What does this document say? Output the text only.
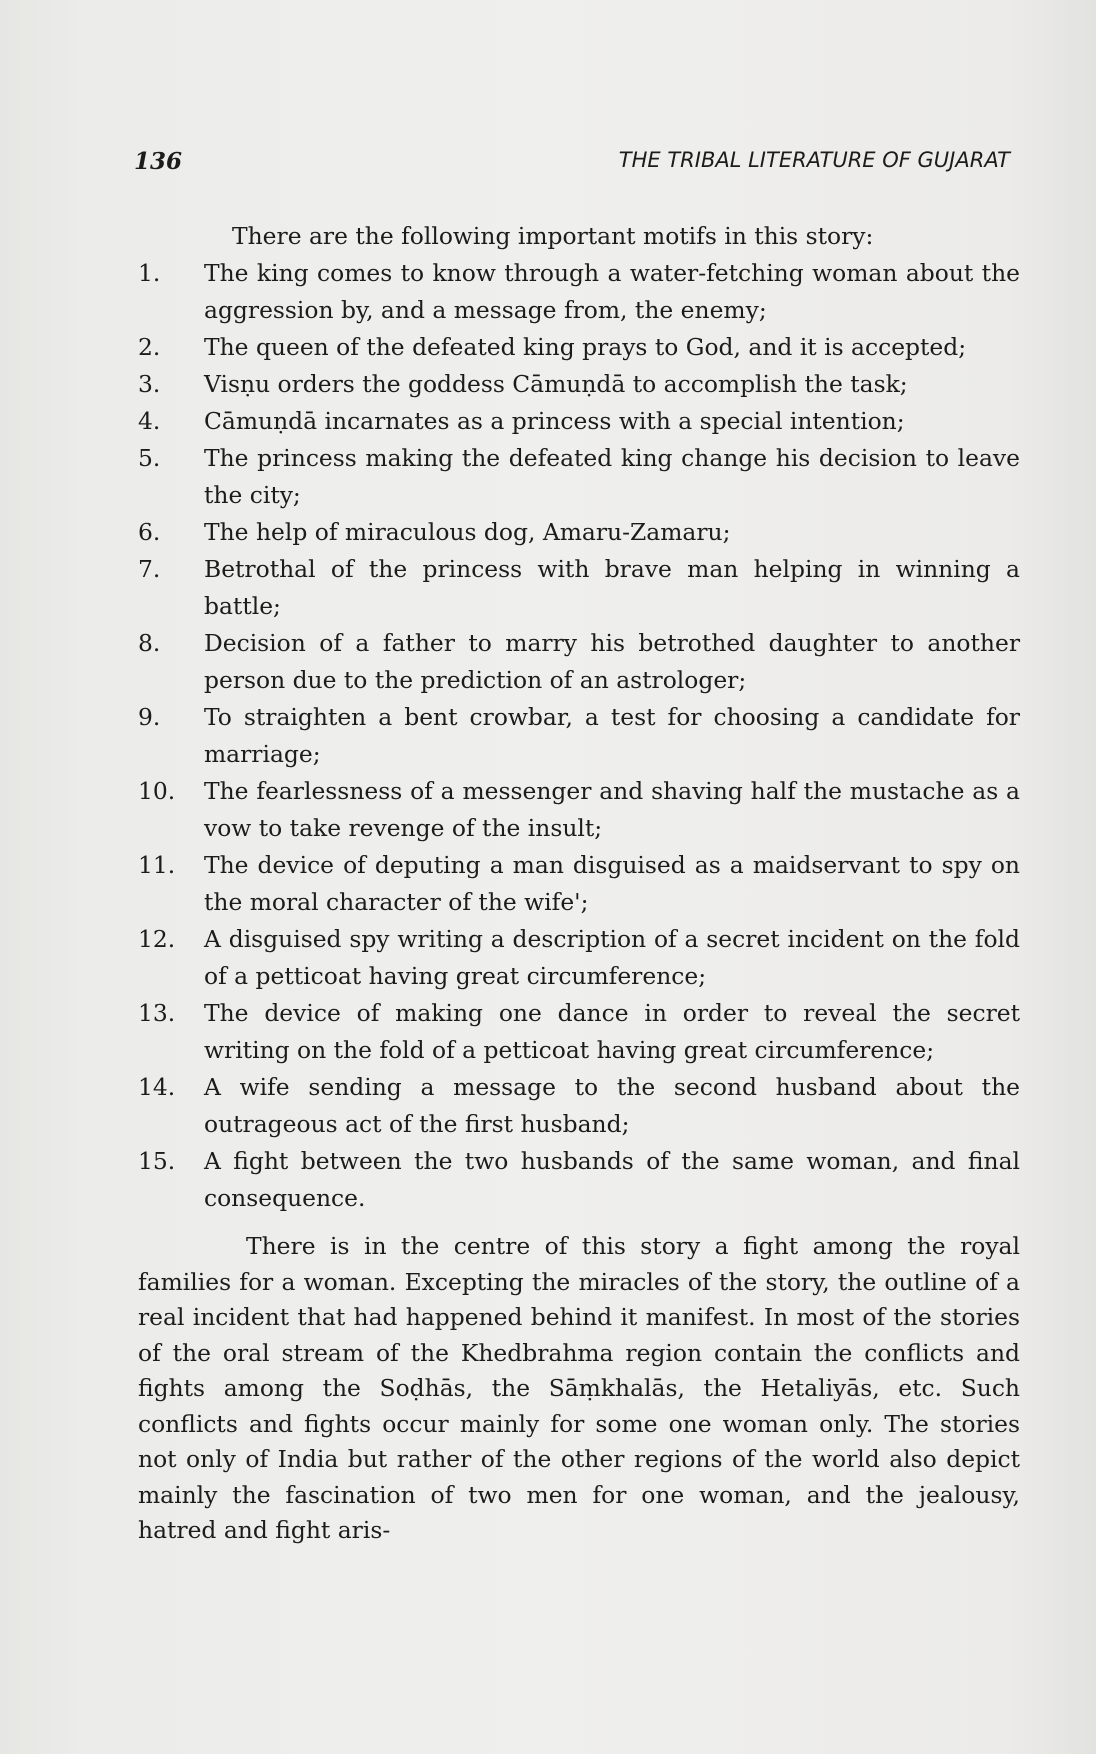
136	THE TRIBAL LITERATURE OF GUJARAT

There are the following important motifs in this story:

1. The king comes to know through a water-fetching woman about the aggression by, and a message from, the enemy;
2. The queen of the defeated king prays to God, and it is accepted;
3. Visṇu orders the goddess Cāmuṇdā to accomplish the task;
4. Cāmuṇdā incarnates as a princess with a special intention;
5. The princess making the defeated king change his decision to leave the city;
6. The help of miraculous dog, Amaru-Zamaru;
7. Betrothal of the princess with brave man helping in winning a battle;
8. Decision of a father to marry his betrothed daughter to another person due to the prediction of an astrologer;
9. To straighten a bent crowbar, a test for choosing a candidate for marriage;
10. The fearlessness of a messenger and shaving half the mustache as a vow to take revenge of the insult;
11. The device of deputing a man disguised as a maidservant to spy on the moral character of the wife';
12. A disguised spy writing a description of a secret incident on the fold of a petticoat having great circumference;
13. The device of making one dance in order to reveal the secret writing on the fold of a petticoat having great circumference;
14. A wife sending a message to the second husband about the outrageous act of the first husband;
15. A fight between the two husbands of the same woman, and final consequence.

There is in the centre of this story a fight among the royal families for a woman. Excepting the miracles of the story, the outline of a real incident that had happened behind it manifest. In most of the stories of the oral stream of the Khedbrahma region contain the conflicts and fights among the Soḍhās, the Sāṃkhalās, the Hetaliyās, etc. Such conflicts and fights occur mainly for some one woman only. The stories not only of India but rather of the other regions of the world also depict mainly the fascination of two men for one woman, and the jealousy, hatred and fight aris-
